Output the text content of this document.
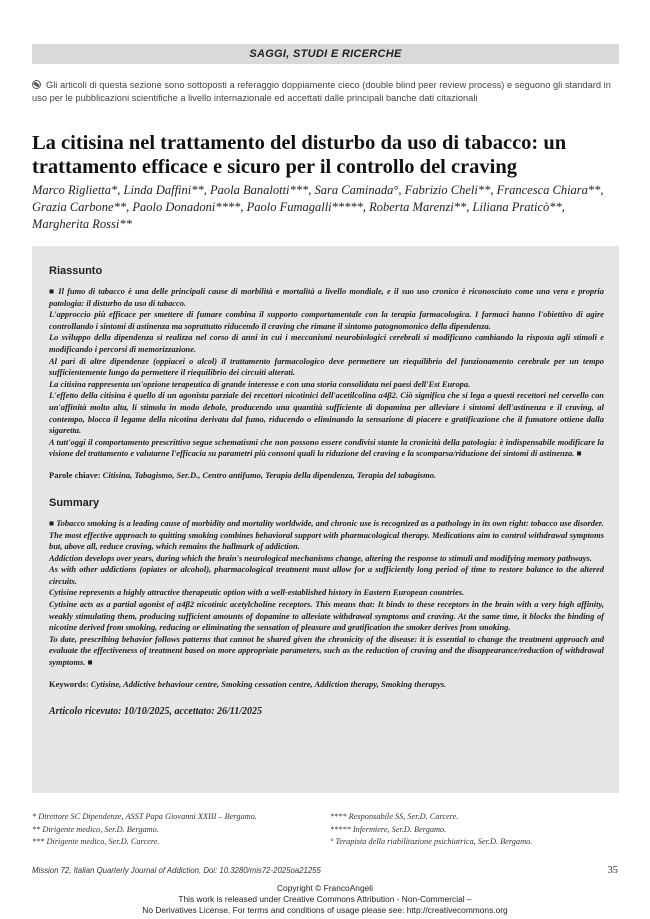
SAGGI, STUDI E RICERCHE
Gli articoli di questa sezione sono sottoposti a referaggio doppiamente cieco (double blind peer review process) e seguono gli standard in uso per le pubblicazioni scientifiche a livello internazionale ed accettati dalle principali banche dati citazionali
La citisina nel trattamento del disturbo da uso di tabacco: un trattamento efficace e sicuro per il controllo del craving
Marco Riglietta*, Linda Daffini**, Paola Banalotti***, Sara Caminada°, Fabrizio Cheli**, Francesca Chiara**, Grazia Carbone**, Paolo Donadoni****, Paolo Fumagalli*****, Roberta Marenzi**, Liliana Praticò**, Margherita Rossi**
Riassunto

■ Il fumo di tabacco è una delle principali cause di morbilità e mortalità a livello mondiale, e il suo uso cronico è riconosciuto come una vera e propria patologia: il disturbo da uso di tabacco.

L'approccio più efficace per smettere di fumare combina il supporto comportamentale con la terapia farmacologica. I farmaci hanno l'obiettivo di agire controllando i sintomi di astinenza ma soprattutto riducendo il craving che rimane il sintomo patognomonico della dipendenza.

Lo sviluppo della dipendenza si realizza nel corso di anni in cui i meccanismi neurobiologici cerebrali si modificano cambiando la risposta agli stimoli e modificando i percorsi di memorizzazione.

Al pari di altre dipendenze (oppiacei o alcol) il trattamento farmacologico deve permettere un riequilibrio del funzionamento cerebrale per un tempo sufficientemente lungo da permettere il riequilibrio dei circuiti alterati.

La citisina rappresenta un'opzione terapeutica di grande interesse e con una storia consolidata nei paesi dell'Est Europa.

L'effetto della citisina è quello di un agonista parziale dei recettori nicotinici dell'acetilcolina α4β2. Ciò significa che si lega a questi recettori nel cervello con un'affinità molto alta, li stimola in modo debole, producendo una quantità sufficiente di dopamina per alleviare i sintomi dell'astinenza e il craving, al contempo, blocca il legame della nicotina derivata dal fumo, riducendo o eliminando la sensazione di piacere e gratificazione che il fumatore ottiene dalla sigaretta.

A tutt'oggi il comportamento prescrittivo segue schematismi che non possono essere condivisi stante la cronicità della patologia: è indispensabile modificare la visione del trattamento e valutarne l'efficacia su parametri più consoni quali la riduzione del craving e la scomparsa/riduzione dei sintomi di astinenza. ■

Parole chiave: Citisina, Tabagismo, Ser.D., Centro antifumo, Terapia della dipendenza, Terapia del tabagismo.
Summary

■ Tobacco smoking is a leading cause of morbidity and mortality worldwide, and chronic use is recognized as a pathology in its own right: tobacco use disorder.

The most effective approach to quitting smoking combines behavioral support with pharmacological therapy. Medications aim to control withdrawal symptoms but, above all, reduce craving, which remains the hallmark of addiction.

Addiction develops over years, during which the brain's neurological mechanisms change, altering the response to stimuli and modifying memory pathways.

As with other addictions (opiates or alcohol), pharmacological treatment must allow for a sufficiently long period of time to restore balance to the altered circuits.

Cytisine represents a highly attractive therapeutic option with a well-established history in Eastern European countries.

Cytisine acts as a partial agonist of α4β2 nicotinic acetylcholine receptors. This means that: It binds to these receptors in the brain with a very high affinity, weakly stimulating them, producing sufficient amounts of dopamine to alleviate withdrawal symptoms and craving. At the same time, it blocks the binding of nicotine derived from smoking, reducing or eliminating the sensation of pleasure and gratification the smoker derives from smoking.

To date, prescribing behavior follows patterns that cannot be shared given the chronicity of the disease: it is essential to change the treatment approach and evaluate the effectiveness of treatment based on more appropriate parameters, such as the reduction of craving and the disappearance/reduction of withdrawal symptoms. ■

Keywords: Cytisine, Addictive behaviour centre, Smoking cessation centre, Addiction therapy, Smoking therapys.
Articolo ricevuto: 10/10/2025, accettato: 26/11/2025
* Direttore SC Dipendenze, ASST Papa Giovanni XXIII – Bergamo.
** Dirigente medico, Ser.D. Bergamo.
*** Dirigente medico, Ser.D. Carcere.
**** Responsabile SS, Ser.D. Carcere.
***** Infermiere, Ser.D. Bergamo.
° Terapista della riabilitazione psichiatrica, Ser.D. Bergamo.
Mission 72, Italian Quarterly Journal of Addiction, Doi: 10.3280/mis72-2025oa21255	35
Copyright © FrancoAngeli
This work is released under Creative Commons Attribution - Non-Commercial –
No Derivatives License. For terms and conditions of usage please see: http://creativecommons.org
